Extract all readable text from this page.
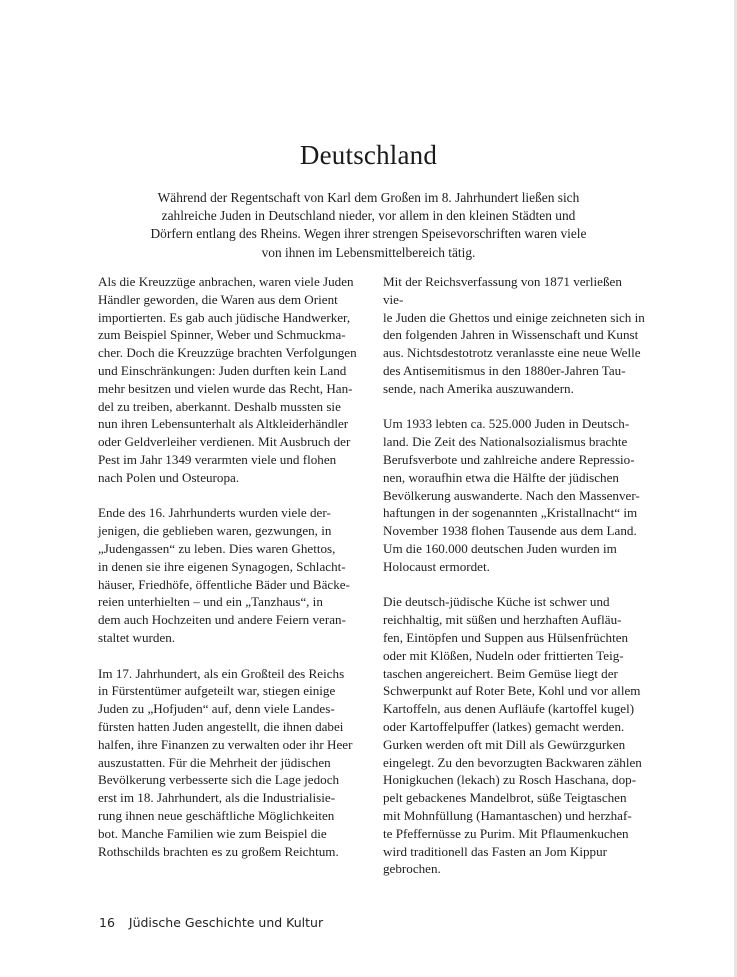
Deutschland

Während der Regentschaft von Karl dem Großen im 8. Jahrhundert ließen sich
zahlreiche Juden in Deutschland nieder, vor allem in den kleinen Städten und
Dörfern entlang des Rheins. Wegen ihrer strengen Speisevorschriften waren viele
von ihnen im Lebensmittelbereich tätig.

Als die Kreuzzüge anbrachen, waren viele Juden
Händler geworden, die Waren aus dem Orient
importierten. Es gab auch jüdische Handwerker,
zum Beispiel Spinner, Weber und Schmuckma-
cher. Doch die Kreuzzüge brachten Verfolgungen
und Einschränkungen: Juden durften kein Land
mehr besitzen und vielen wurde das Recht, Han-
del zu treiben, aberkannt. Deshalb mussten sie
nun ihren Lebensunterhalt als Altkleiderhändler
oder Geldverleiher verdienen. Mit Ausbruch der
Pest im Jahr 1349 verarmten viele und flohen
nach Polen und Osteuropa.

Ende des 16. Jahrhunderts wurden viele der-
jenigen, die geblieben waren, gezwungen, in
„Judengassen“ zu leben. Dies waren Ghettos,
in denen sie ihre eigenen Synagogen, Schlacht-
häuser, Friedhöfe, öffentliche Bäder und Bäcke-
reien unterhielten – und ein „Tanzhaus“, in
dem auch Hochzeiten und andere Feiern veran-
staltet wurden.

Im 17. Jahrhundert, als ein Großteil des Reichs
in Fürstentümer aufgeteilt war, stiegen einige
Juden zu „Hofjuden“ auf, denn viele Landes-
fürsten hatten Juden angestellt, die ihnen dabei
halfen, ihre Finanzen zu verwalten oder ihr Heer
auszustatten. Für die Mehrheit der jüdischen
Bevölkerung verbesserte sich die Lage jedoch
erst im 18. Jahrhundert, als die Industrialisie-
rung ihnen neue geschäftliche Möglichkeiten
bot. Manche Familien wie zum Beispiel die
Rothschilds brachten es zu großem Reichtum.

Mit der Reichsverfassung von 1871 verließen vie-
le Juden die Ghettos und einige zeichneten sich in
den folgenden Jahren in Wissenschaft und Kunst
aus. Nichtsdestotrotz veranlasste eine neue Welle
des Antisemitismus in den 1880er-Jahren Tau-
sende, nach Amerika auszuwandern.

Um 1933 lebten ca. 525.000 Juden in Deutsch-
land. Die Zeit des Nationalsozialismus brachte
Berufsverbote und zahlreiche andere Repressio-
nen, woraufhin etwa die Hälfte der jüdischen
Bevölkerung auswanderte. Nach den Massenver-
haftungen in der sogenannten „Kristallnacht“ im
November 1938 flohen Tausende aus dem Land.
Um die 160.000 deutschen Juden wurden im
Holocaust ermordet.

Die deutsch-jüdische Küche ist schwer und
reichhaltig, mit süßen und herzhaften Aufläu-
fen, Eintöpfen und Suppen aus Hülsenfrüchten
oder mit Klößen, Nudeln oder frittierten Teig-
taschen angereichert. Beim Gemüse liegt der
Schwerpunkt auf Roter Bete, Kohl und vor allem
Kartoffeln, aus denen Aufläufe (kartoffel kugel)
oder Kartoffelpuffer (latkes) gemacht werden.
Gurken werden oft mit Dill als Gewürzgurken
eingelegt. Zu den bevorzugten Backwaren zählen
Honigkuchen (lekach) zu Rosch Haschana, dop-
pelt gebackenes Mandelbrot, süße Teigtaschen
mit Mohnfüllung (Hamantaschen) und herzhaf-
te Pfeffernüsse zu Purim. Mit Pflaumenkuchen
wird traditionell das Fasten an Jom Kippur
gebrochen.

16 Jüdische Geschichte und Kultur
